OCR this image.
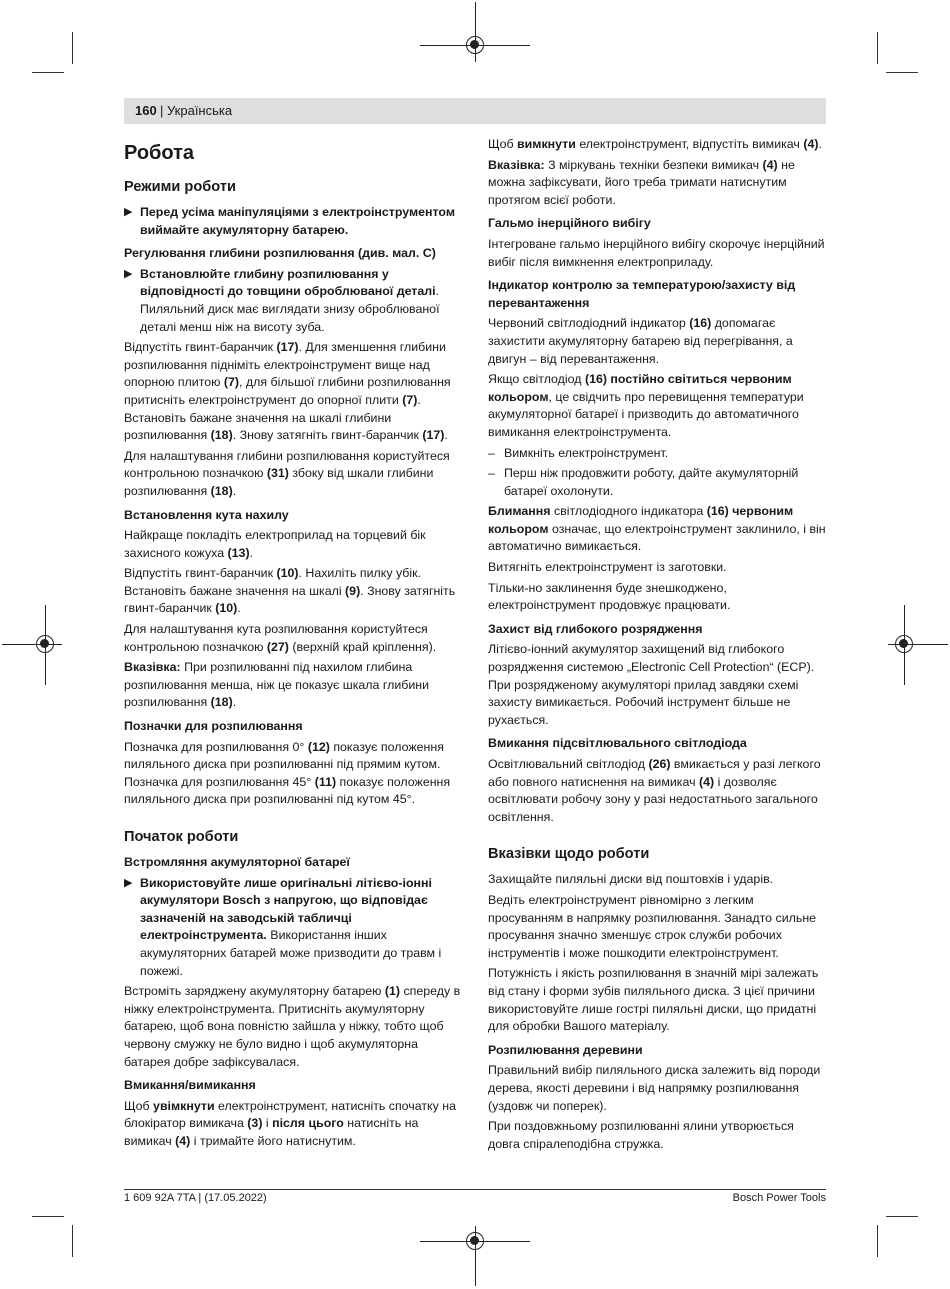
160 | Українська
Робота
Режими роботи
▶ Перед усіма маніпуляціями з електроінструментом виймайте акумуляторну батарею.
Регулювання глибини розпилювання (див. мал. C)
▶ Встановлюйте глибину розпилювання у відповідності до товщини оброблюваної деталі. Пиляльний диск має виглядати знизу оброблюваної деталі менш ніж на висоту зуба.

Відпустіть гвинт-баранчик (17). Для зменшення глибини розпилювання підніміть електроінструмент вище над опорною плитою (7), для більшої глибини розпилювання притисніть електроінструмент до опорної плити (7). Встановіть бажане значення на шкалі глибини розпилювання (18). Знову затягніть гвинт-баранчик (17).

Для налаштування глибини розпилювання користуйтеся контрольною позначкою (31) збоку від шкали глибини розпилювання (18).

Встановлення кута нахилу

Найкраще покладіть електроприлад на торцевий бік захисного кожуха (13).

Відпустіть гвинт-баранчик (10). Нахиліть пилку убік. Встановіть бажане значення на шкалі (9). Знову затягніть гвинт-баранчик (10).

Для налаштування кута розпилювання користуйтеся контрольною позначкою (27) (верхній край кріплення).

Вказівка: При розпилюванні під нахилом глибина розпилювання менша, ніж це показує шкала глибини розпилювання (18).

Позначки для розпилювання

Позначка для розпилювання 0° (12) показує положення пиляльного диска при розпилюванні під прямим кутом. Позначка для розпилювання 45° (11) показує положення пиляльного диска при розпилюванні під кутом 45°.

Початок роботи
Встромляння акумуляторної батареї
▶ Використовуйте лише оригінальні літієво-іонні акумулятори Bosch з напругою, що відповідає зазначеній на заводській табличці електроінструмента. Використання інших акумуляторних батарей може призводити до травм і пожежі.

Встроміть заряджену акумуляторну батарею (1) спереду в ніжку електроінструмента. Притисніть акумуляторну батарею, щоб вона повністю зайшла у ніжку, тобто щоб червону смужку не було видно і щоб акумуляторна батарея добре зафіксувалася.

Вмикання/вимикання

Щоб увімкнути електроінструмент, натисніть спочатку на блокіратор вимикача (3) і після цього натисніть на вимикач (4) і тримайте його натиснутим.

Щоб вимкнути електроінструмент, відпустіть вимикач (4).

Вказівка: З міркувань техніки безпеки вимикач (4) не можна зафіксувати, його треба тримати натиснутим протягом всієї роботи.

Гальмо інерційного вибігу

Інтегроване гальмо інерційного вибігу скорочує інерційний вибіг після вимкнення електроприладу.

Індикатор контролю за температурою/захисту від перевантаження

Червоний світлодіодний індикатор (16) допомагає захистити акумуляторну батарею від перегрівання, а двигун – від перевантаження.

Якщо світлодіод (16) постійно світиться червоним кольором, це свідчить про перевищення температури акумуляторної батареї і призводить до автоматичного вимикання електроінструмента.

– Вимкніть електроінструмент.
– Перш ніж продовжити роботу, дайте акумуляторній батареї охолонути.

Блимання світлодіодного індикатора (16) червоним кольором означає, що електроінструмент заклинило, і він автоматично вимикається.

Витягніть електроінструмент із заготовки.

Тільки-но заклинення буде знешкоджено, електроінструмент продовжує працювати.

Захист від глибокого розрядження

Літієво-іонний акумулятор захищений від глибокого розрядження системою „Electronic Cell Protection“ (ECP). При розрядженому акумуляторі прилад завдяки схемі захисту вимикається. Робочий інструмент більше не рухається.

Вмикання підсвітлювального світлодіода

Освітлювальний світлодіод (26) вмикається у разі легкого або повного натиснення на вимикач (4) і дозволяє освітлювати робочу зону у разі недостатнього загального освітлення.

Вказівки щодо роботи

Захищайте пиляльні диски від поштовхів і ударів.

Ведіть електроінструмент рівномірно з легким просуванням в напрямку розпилювання. Занадто сильне просування значно зменшує строк служби робочих інструментів і може пошкодити електроінструмент.

Потужність і якість розпилювання в значній мірі залежать від стану і форми зубів пиляльного диска. З цієї причини використовуйте лише гострі пиляльні диски, що придатні для обробки Вашого матеріалу.

Розпилювання деревини

Правильний вибір пиляльного диска залежить від породи дерева, якості деревини і від напрямку розпилювання (уздовж чи поперек).

При поздовжньому розпилюванні ялини утворюється довга спіралеподібна стружка.

1 609 92A 7TA | (17.05.2022)	Bosch Power Tools
